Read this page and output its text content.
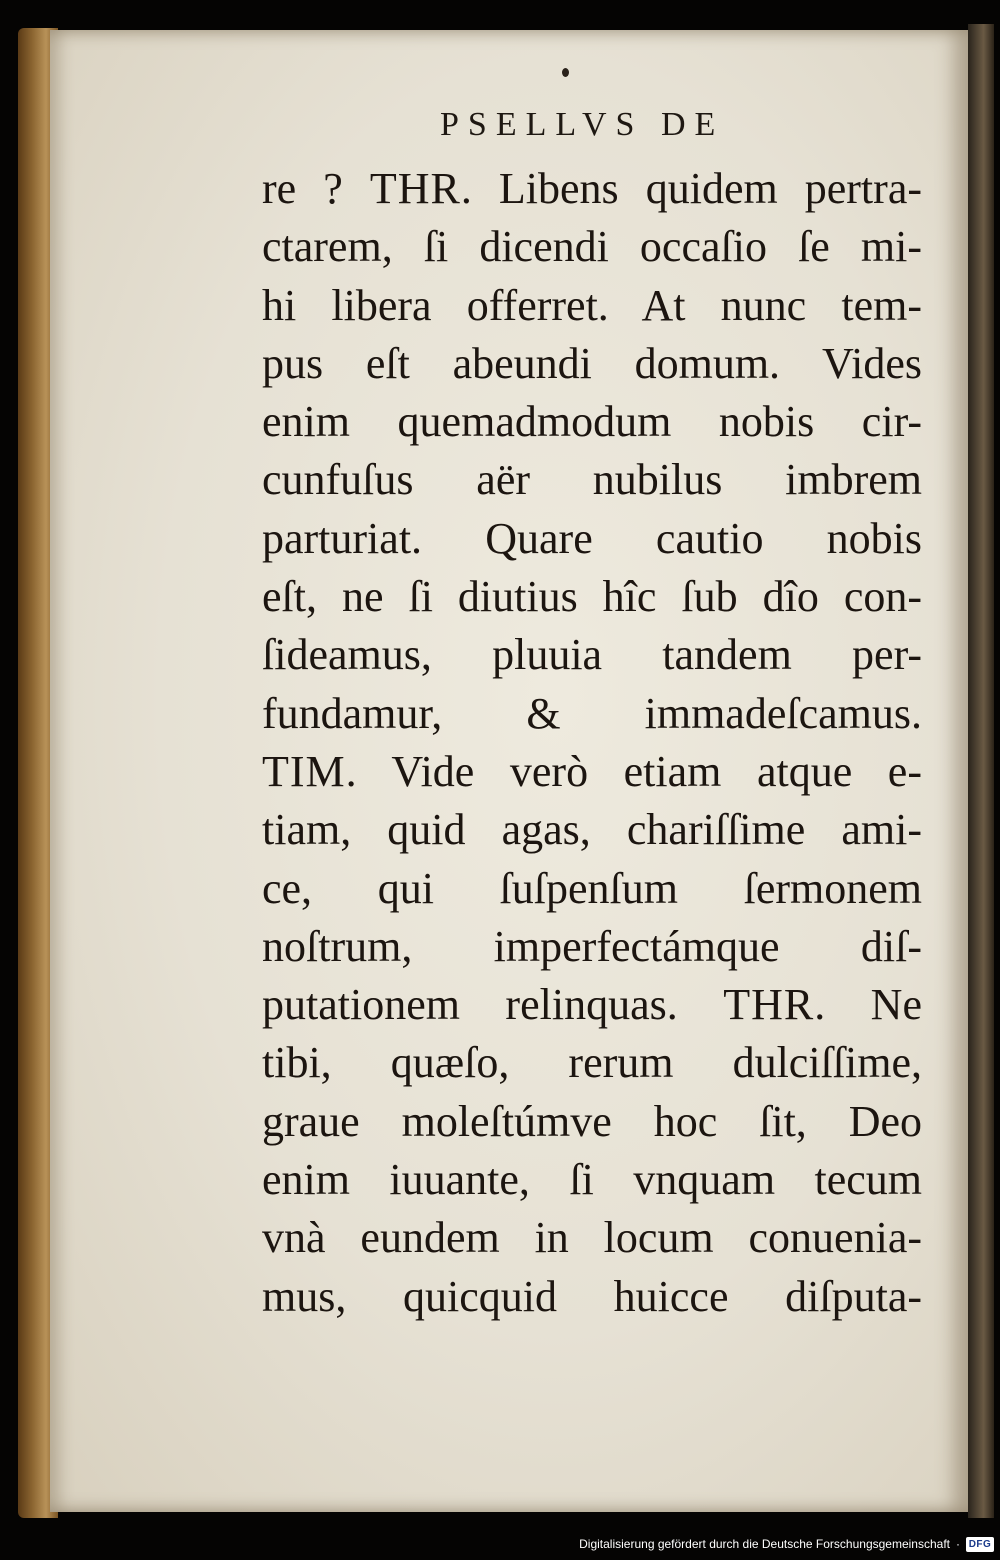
PSELLVS DE
re ? THR. Libens quidem pertra-
ctarem, ſi dicendi occaſio ſe mi-
hi libera offerret. At nunc tem-
pus eſt abeundi domum. Vides
enim quemadmodum nobis cir-
cunfuſus aër nubilus imbrem
parturiat. Quare cautio nobis
eſt, ne ſi diutius hîc ſub dîo con-
ſideamus, pluuia tandem per-
fundamur, & immadeſcamus.
TIM. Vide verò etiam atque e-
tiam, quid agas, chariſſime ami-
ce, qui ſuſpenſum ſermonem
noſtrum, imperfectámque diſ-
putationem relinquas. THR. Ne
tibi, quæſo, rerum dulciſſime,
graue moleſtúmve hoc ſit, Deo
enim iuuante, ſi vnquam tecum
vnà eundem in locum conuenia-
mus, quicquid huicce diſputa-
Digitalisierung gefördert durch die Deutsche Forschungsgemeinschaft · DFG
